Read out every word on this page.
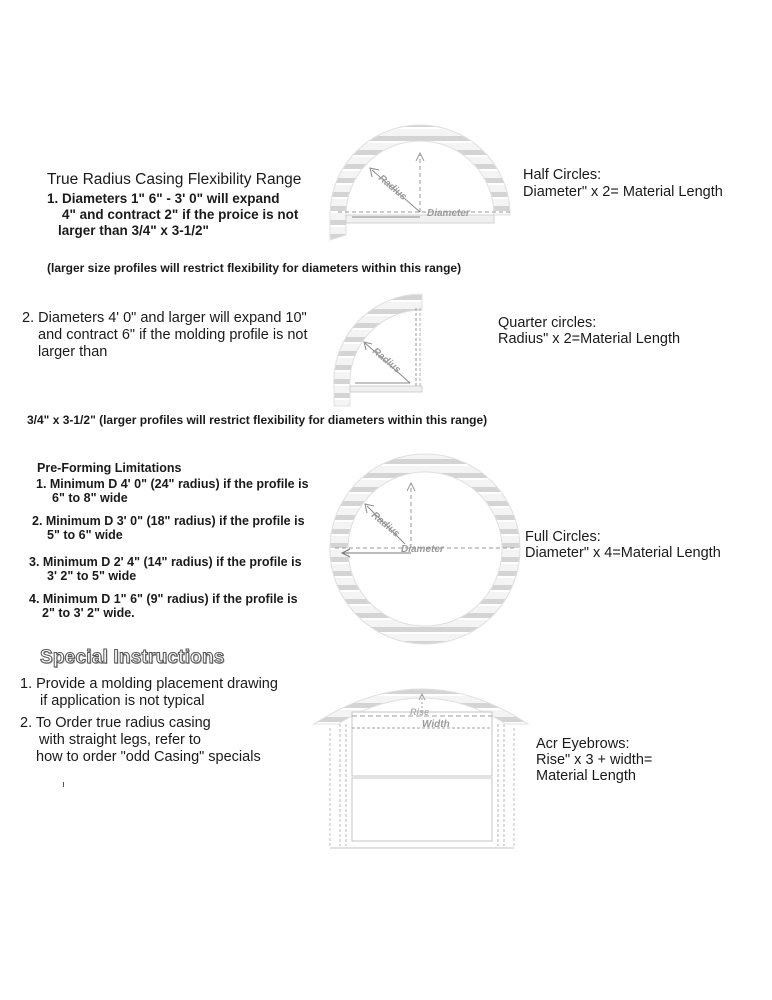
True Radius Casing Flexibility Range
1. Diameters 1" 6" - 3' 0" will expand
4" and contract 2" if the proice is not
larger than 3/4" x 3-1/2"
(larger size profiles will restrict flexibility for diameters within this range)
2. Diameters 4' 0" and larger will expand 10"
and contract 6" if the molding profile is not
larger than
3/4" x 3-1/2" (larger profiles will restrict flexibility for diameters within this range)
Pre-Forming Limitations
1. Minimum D 4' 0" (24" radius) if the profile is
6" to 8" wide
2. Minimum D 3' 0" (18" radius) if the profile is
5" to 6" wide
3. Minimum D 2' 4" (14" radius) if the profile is
3' 2" to 5" wide
4. Minimum D 1" 6" (9" radius) if the profile is
2" to 3' 2" wide.
Special Instructions
1. Provide a molding placement drawing
if application is not typical
2. To Order true radius casing
with straight legs, refer to
how to order "odd Casing" specials
Half Circles:
Diameter" x 2= Material Length
Quarter circles:
Radius" x 2=Material Length
Full Circles:
Diameter" x 4=Material Length
Acr Eyebrows:
Rise" x 3 + width=
Material Length
Radius
Diameter
Radius
Radius
Diameter
Rise
Width
